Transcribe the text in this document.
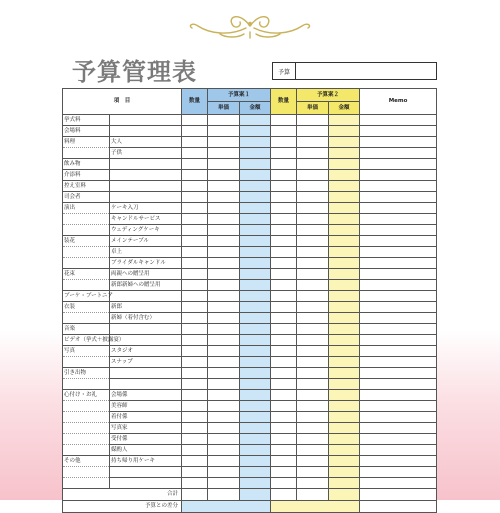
予算管理表	予算
項　目		数量	予算案１		数量	予算案２		Memo
			単価	金額		単価	金額	
挙式料								
会場料								
料理	大人							
	子供							
飲み物								
介添料								
控え室料								
司会者								
演出	ケーキ入刀							
	キャンドルサービス							
	ウェディングケーキ							
装花	メインテーブル							
	卓上							
	ブライダルキャンドル							
花束	両親への贈呈用							
	新郎新婦への贈呈用							
ブーケ・ブートニア								
衣装	新郎							
	新婦（着付含む）							
音楽								
ビデオ（挙式＋披露宴）								
写真	スタジオ							
	スナップ							
引き出物								

心付け・お礼	会場係							
	美容師							
	着付係							
	写真家							
	受付係							
	媒酌人							
その他	持ち帰り用ケーキ							

合計								
予算との差分								
